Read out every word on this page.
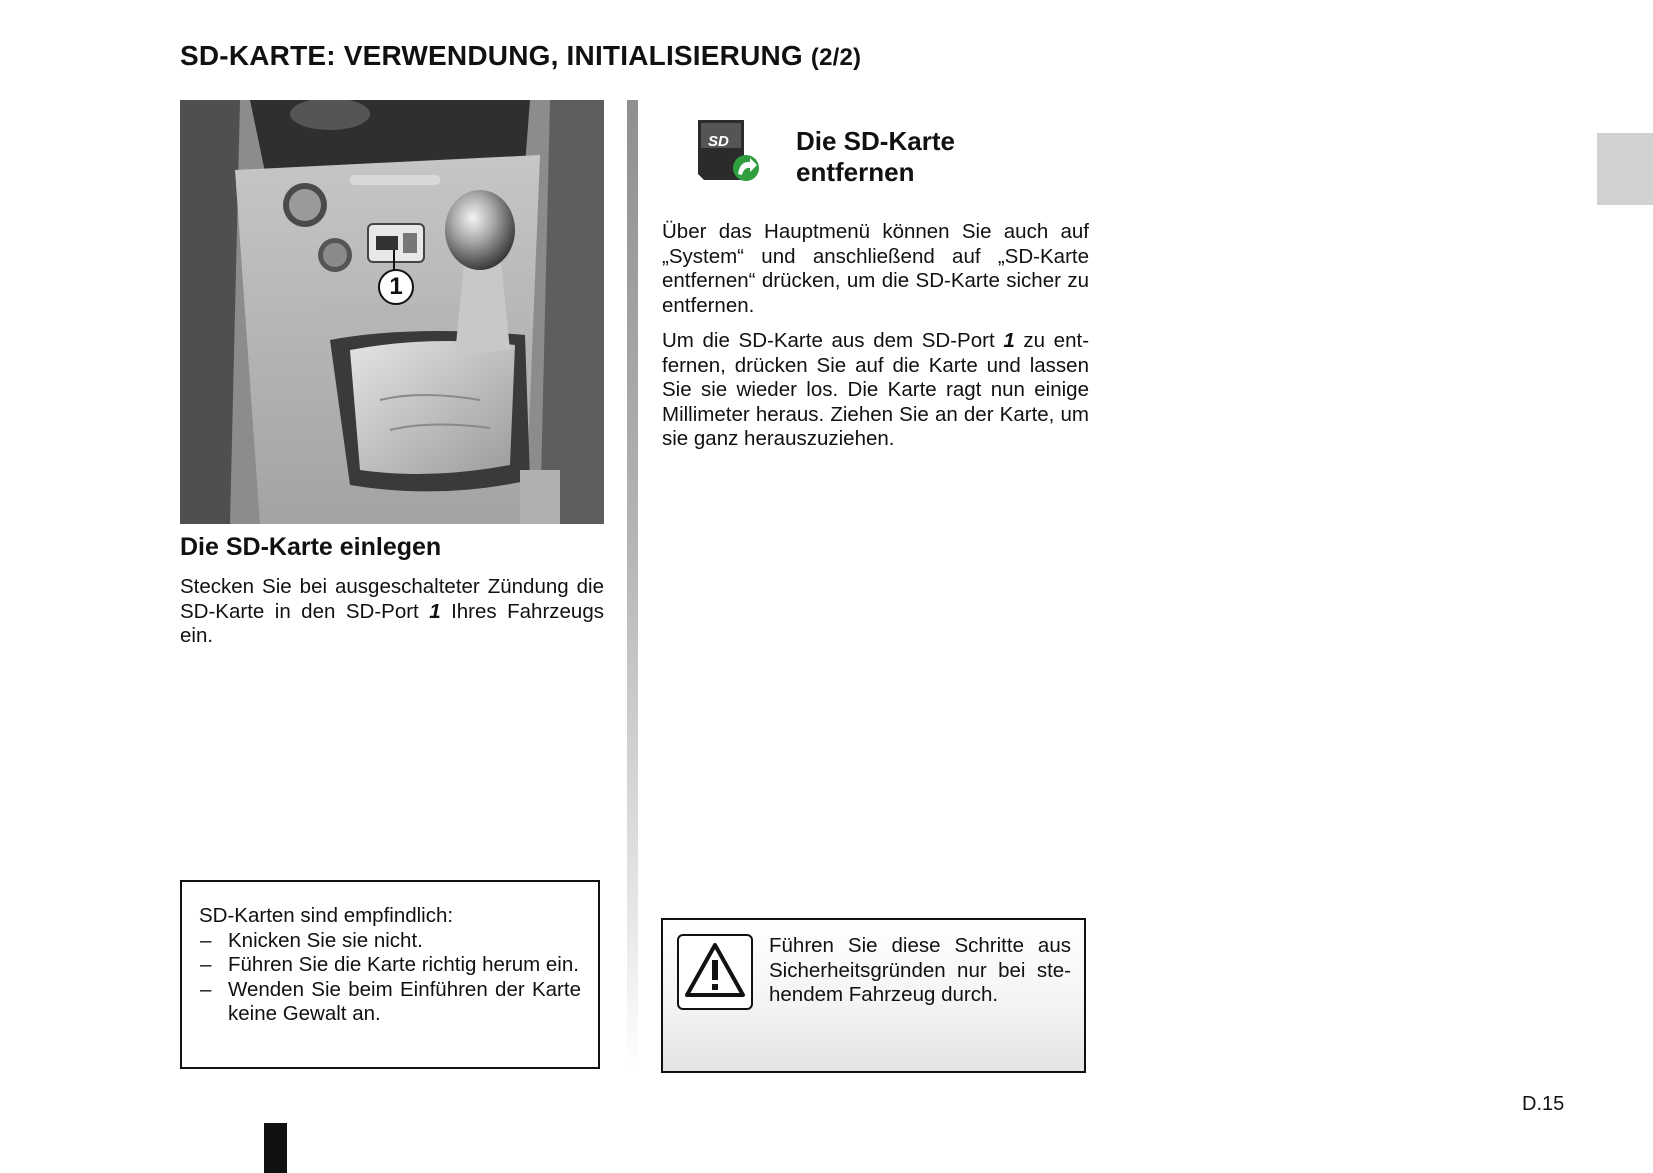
SD-KARTE: VERWENDUNG, INITIALISIERUNG (2/2)
1
Die SD-Karte einlegen

Stecken Sie bei ausgeschalteter Zündung die SD-Karte in den SD-Port 1 Ihres Fahrzeugs ein.

SD	Die SD-Karte
entfernen

Über das Hauptmenü können Sie auch auf „System“ und anschließend auf „SD-Karte entfernen“ drücken, um die SD-Karte sicher zu entfernen.

Um die SD-Karte aus dem SD-Port 1 zu entfernen, drücken Sie auf die Karte und lassen Sie sie wieder los. Die Karte ragt nun einige Millimeter heraus. Ziehen Sie an der Karte, um sie ganz herauszuziehen.

SD-Karten sind empfindlich:
– Knicken Sie sie nicht.
– Führen Sie die Karte richtig herum ein.
– Wenden Sie beim Einführen der Karte keine Gewalt an.

Führen Sie diese Schritte aus Sicherheitsgründen nur bei stehendem Fahrzeug durch.

D.15
